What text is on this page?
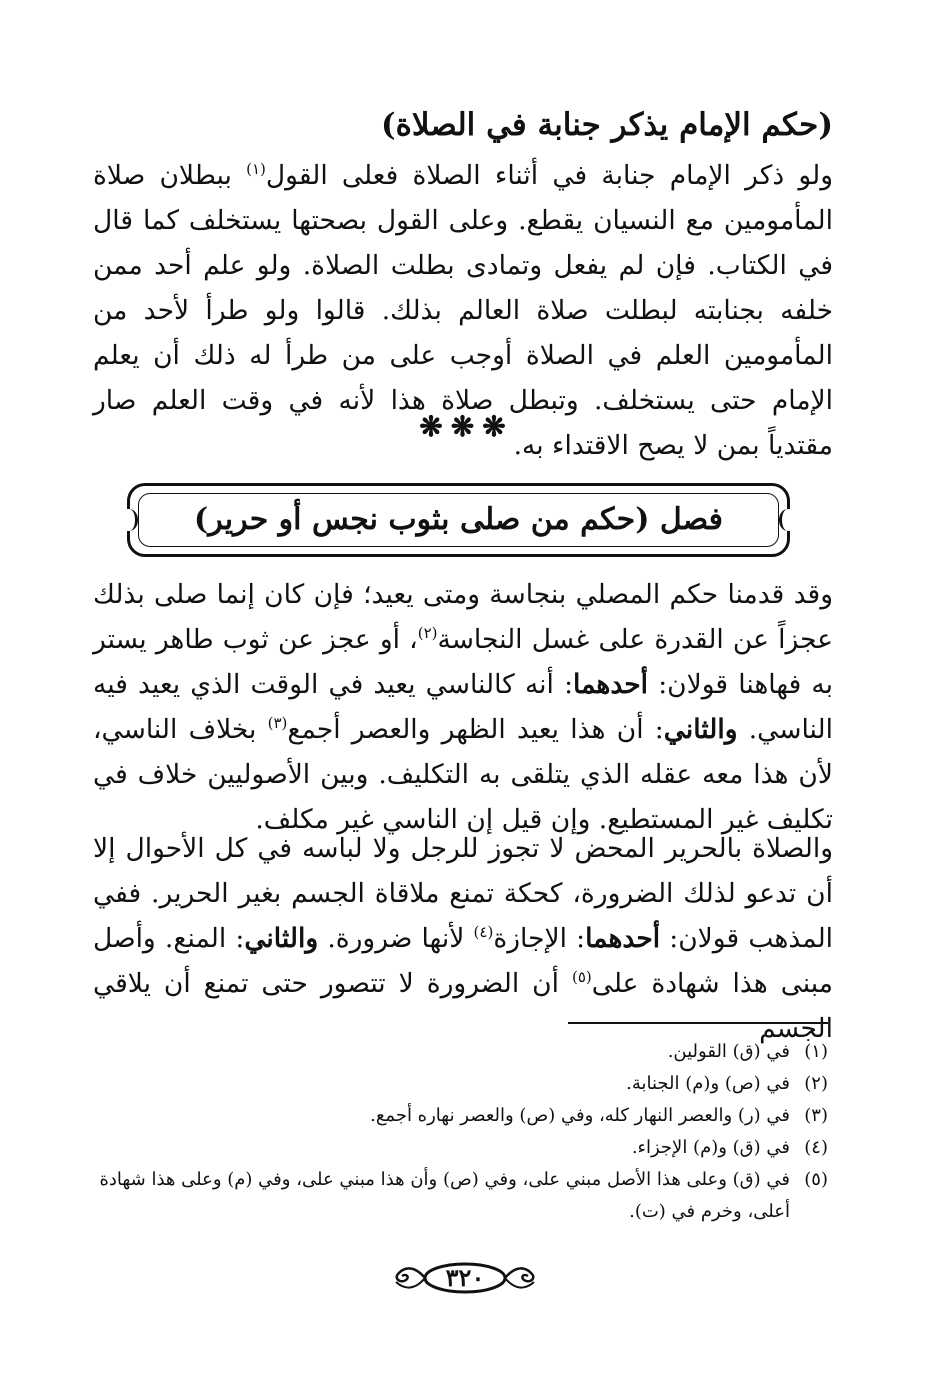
(حكم الإمام يذكر جنابة في الصلاة)

ولو ذكر الإمام جنابة في أثناء الصلاة فعلى القول$^{(١)}$ ببطلان صلاة المأمومين مع النسيان يقطع. وعلى القول بصحتها يستخلف كما قال في الكتاب. فإن لم يفعل وتمادى بطلت الصلاة. ولو علم أحد ممن خلفه بجنابته لبطلت صلاة العالم بذلك. قالوا ولو طرأ لأحد من المأمومين العلم في الصلاة أوجب على من طرأ له ذلك أن يعلم الإمام حتى يستخلف. وتبطل صلاة هذا لأنه في وقت العلم صار مقتدياً بمن لا يصح الاقتداء به.

❋❋❋
فصل (حكم من صلى بثوب نجس أو حرير)

وقد قدمنا حكم المصلي بنجاسة ومتى يعيد؛ فإن كان إنما صلى بذلك عجزاً عن القدرة على غسل النجاسة$^{(٢)}$، أو عجز عن ثوب طاهر يستر به فهاهنا قولان: أحدهما: أنه كالناسي يعيد في الوقت الذي يعيد فيه الناسي. والثاني: أن هذا يعيد الظهر والعصر أجمع$^{(٣)}$ بخلاف الناسي، لأن هذا معه عقله الذي يتلقى به التكليف. وبين الأصوليين خلاف في تكليف غير المستطيع. وإن قيل إن الناسي غير مكلف.

والصلاة بالحرير المحض لا تجوز للرجل ولا لباسه في كل الأحوال إلا أن تدعو لذلك الضرورة، كحكة تمنع ملاقاة الجسم بغير الحرير. ففي المذهب قولان: أحدهما: الإجازة$^{(٤)}$ لأنها ضرورة. والثاني: المنع. وأصل مبنى هذا شهادة على$^{(٥)}$ أن الضرورة لا تتصور حتى تمنع أن يلاقي الجسم

(١)
في (ق) القولين.
(٢)
في (ص) و(م) الجنابة.
(٣)
في (ر) والعصر النهار كله، وفي (ص) والعصر نهاره أجمع.
(٤)
في (ق) و(م) الإجزاء.
(٥)
في (ق) وعلى هذا الأصل مبني على، وفي (ص) وأن هذا مبني على، وفي (م) وعلى هذا شهادة أعلى، وخرم في (ت).
٣٢٠
